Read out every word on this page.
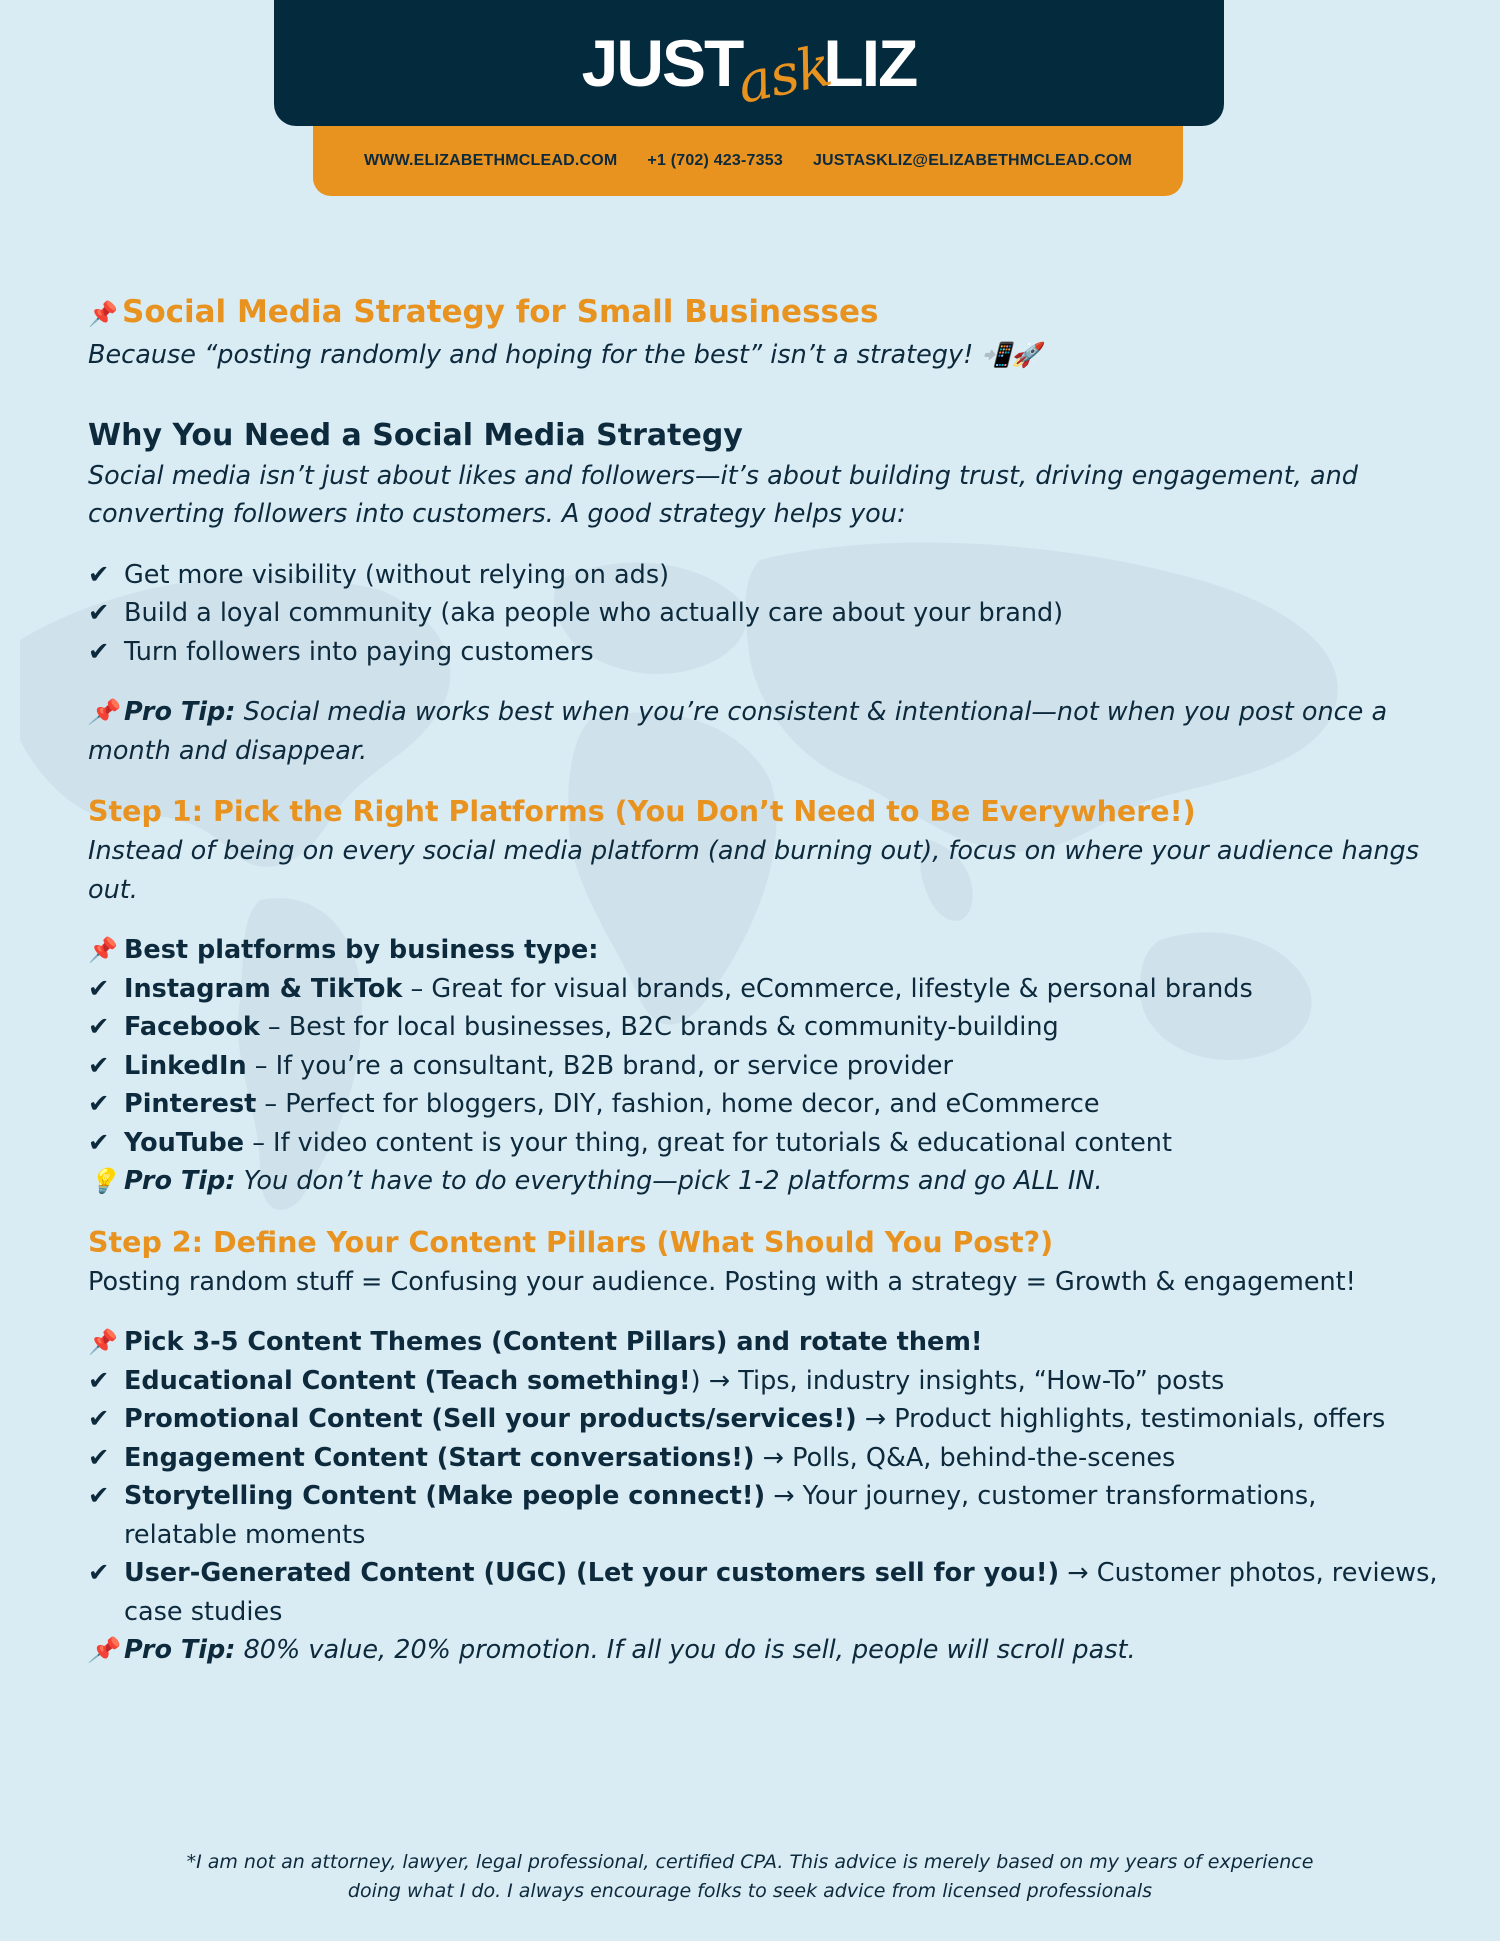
JUSTaskLIZ
WWW.ELIZABETHMCLEAD.COM +1 (702) 423-7353 JUSTASKLIZ@ELIZABETHMCLEAD.COM
📌 Social Media Strategy for Small Businesses
Because “posting randomly and hoping for the best” isn’t a strategy! 📲🚀
Why You Need a Social Media Strategy
Social media isn’t just about likes and followers—it’s about building trust, driving engagement, and
converting followers into customers. A good strategy helps you:
✔ Get more visibility (without relying on ads)
✔ Build a loyal community (aka people who actually care about your brand)
✔ Turn followers into paying customers
📌 Pro Tip: Social media works best when you’re consistent & intentional—not when you post once a
month and disappear.
Step 1: Pick the Right Platforms (You Don’t Need to Be Everywhere!)
Instead of being on every social media platform (and burning out), focus on where your audience hangs
out.
📌 Best platforms by business type:
✔ Instagram & TikTok – Great for visual brands, eCommerce, lifestyle & personal brands
✔ Facebook – Best for local businesses, B2C brands & community-building
✔ LinkedIn – If you’re a consultant, B2B brand, or service provider
✔ Pinterest – Perfect for bloggers, DIY, fashion, home decor, and eCommerce
✔ YouTube – If video content is your thing, great for tutorials & educational content
💡 Pro Tip: You don’t have to do everything—pick 1-2 platforms and go ALL IN.
Step 2: Define Your Content Pillars (What Should You Post?)
Posting random stuff = Confusing your audience. Posting with a strategy = Growth & engagement!
📌 Pick 3-5 Content Themes (Content Pillars) and rotate them!
✔ Educational Content (Teach something!) → Tips, industry insights, “How-To” posts
✔ Promotional Content (Sell your products/services!) → Product highlights, testimonials, offers
✔ Engagement Content (Start conversations!) → Polls, Q&A, behind-the-scenes
✔ Storytelling Content (Make people connect!) → Your journey, customer transformations,
relatable moments
✔ User-Generated Content (UGC) (Let your customers sell for you!) → Customer photos, reviews,
case studies
📌 Pro Tip: 80% value, 20% promotion. If all you do is sell, people will scroll past.
*I am not an attorney, lawyer, legal professional, certified CPA. This advice is merely based on my years of experience
doing what I do. I always encourage folks to seek advice from licensed professionals
